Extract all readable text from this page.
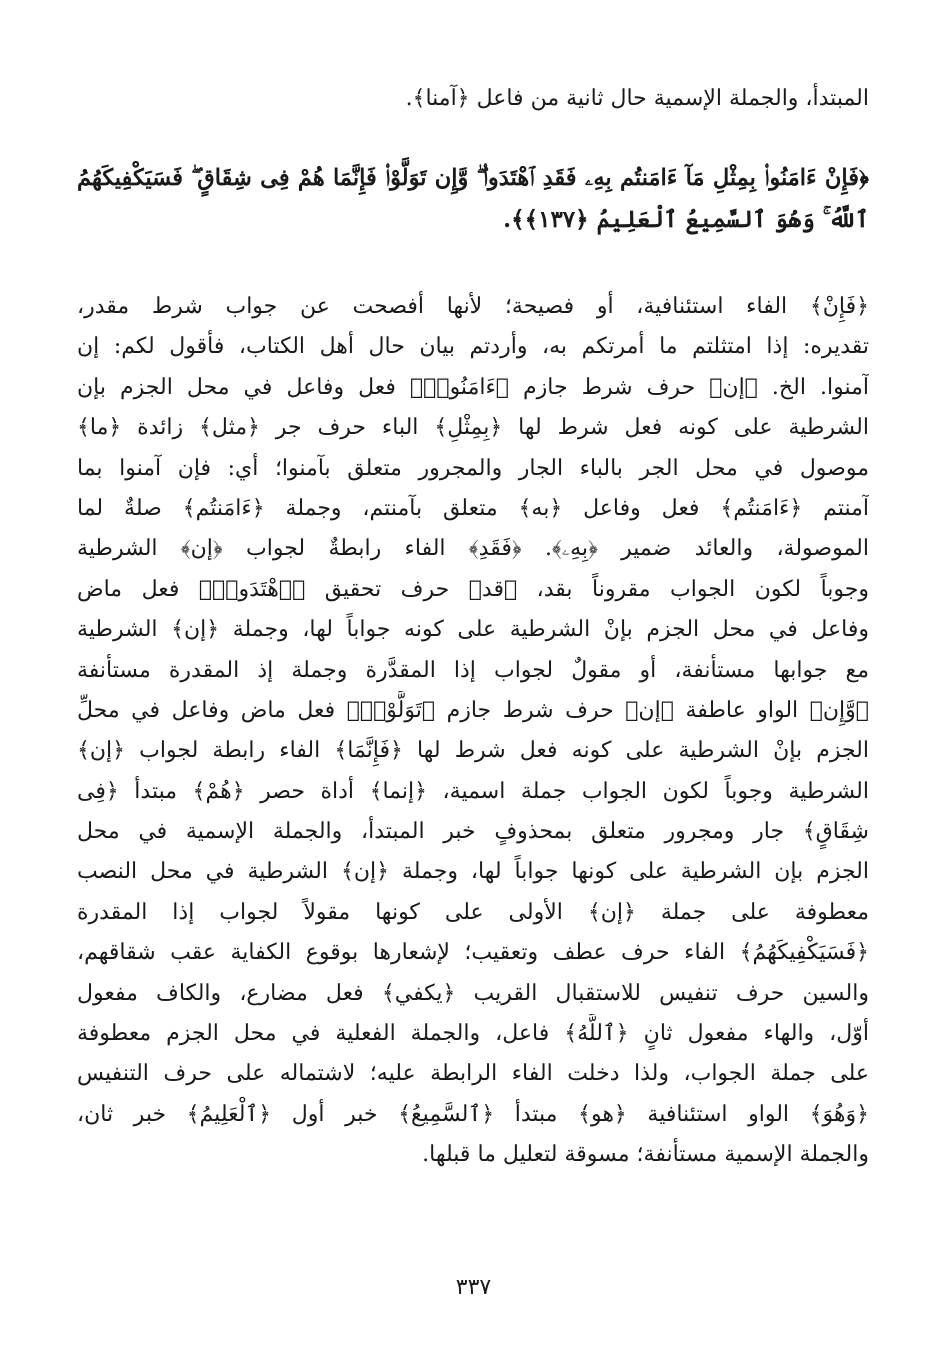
المبتدأ، والجملة الإسمية حال ثانية من فاعل ﴿آمنا﴾.
﴿فَإِنْ ءَامَنُوا۟ بِمِثْلِ مَآ ءَامَنتُم بِهِۦ فَقَدِ ٱهْتَدَوا۟ ۖ وَّإِن تَوَلَّوْا۟ فَإِنَّمَا هُمْ فِى شِقَاقٍ ۖ فَسَيَكْفِيكَهُمُ
ٱللَّهُ ۚ وَهُوَ ٱلسَّمِيعُ ٱلْعَلِيمُ ﴿١٣٧﴾﴾.
﴿فَإِنْ﴾ الفاء استئنافية، أو فصيحة؛ لأنها أفصحت عن جواب شرط مقدر،
تقديره: إذا امتثلتم ما أمرتكم به، وأردتم بيان حال أهل الكتاب، فأقول لكم: إن
آمنوا. الخ. ﴿إن﴾ حرف شرط جازم ﴿ءَامَنُوا۟﴾ فعل وفاعل في محل الجزم بإن
الشرطية على كونه فعل شرط لها ﴿بِمِثْلِ﴾ الباء حرف جر ﴿مثل﴾ زائدة ﴿ما﴾
موصول في محل الجر بالباء الجار والمجرور متعلق بآمنوا؛ أي: فإن آمنوا بما
آمنتم ﴿ءَامَنتُم﴾ فعل وفاعل ﴿به﴾ متعلق بآمنتم، وجملة ﴿ءَامَنتُم﴾ صلةٌ لما
الموصولة، والعائد ضمير ﴿بِهِۦ﴾. ﴿فَقَدِ﴾ الفاء رابطةٌ لجواب ﴿إن﴾ الشرطية
وجوباً لكون الجواب مقروناً بقد، ﴿قد﴾ حرف تحقيق ﴿ٱهْتَدَوا۟﴾ فعل ماض
وفاعل في محل الجزم بإنْ الشرطية على كونه جواباً لها، وجملة ﴿إن﴾ الشرطية
مع جوابها مستأنفة، أو مقولٌ لجواب إذا المقدَّرة وجملة إذ المقدرة مستأنفة
﴿وَّإِن﴾ الواو عاطفة ﴿إن﴾ حرف شرط جازم ﴿تَوَلَّوْا۟﴾ فعل ماض وفاعل في محلِّ
الجزم بإنْ الشرطية على كونه فعل شرط لها ﴿فَإِنَّمَا﴾ الفاء رابطة لجواب ﴿إن﴾
الشرطية وجوباً لكون الجواب جملة اسمية، ﴿إنما﴾ أداة حصر ﴿هُمْ﴾ مبتدأ ﴿فِى
شِقَاقٍ﴾ جار ومجرور متعلق بمحذوفٍ خبر المبتدأ، والجملة الإسمية في محل
الجزم بإن الشرطية على كونها جواباً لها، وجملة ﴿إن﴾ الشرطية في محل النصب
معطوفة على جملة ﴿إن﴾ الأولى على كونها مقولاً لجواب إذا المقدرة
﴿فَسَيَكْفِيكَهُمُ﴾ الفاء حرف عطف وتعقيب؛ لإشعارها بوقوع الكفاية عقب شقاقهم،
والسين حرف تنفيس للاستقبال القريب ﴿يكفي﴾ فعل مضارع، والكاف مفعول
أوّل، والهاء مفعول ثانٍ ﴿ٱللَّهُ﴾ فاعل، والجملة الفعلية في محل الجزم معطوفة
على جملة الجواب، ولذا دخلت الفاء الرابطة عليه؛ لاشتماله على حرف التنفيس
﴿وَهُوَ﴾ الواو استئنافية ﴿هو﴾ مبتدأ ﴿ٱلسَّمِيعُ﴾ خبر أول ﴿ٱلْعَلِيمُ﴾ خبر ثان،
والجملة الإسمية مستأنفة؛ مسوقة لتعليل ما قبلها.
٣٣٧
